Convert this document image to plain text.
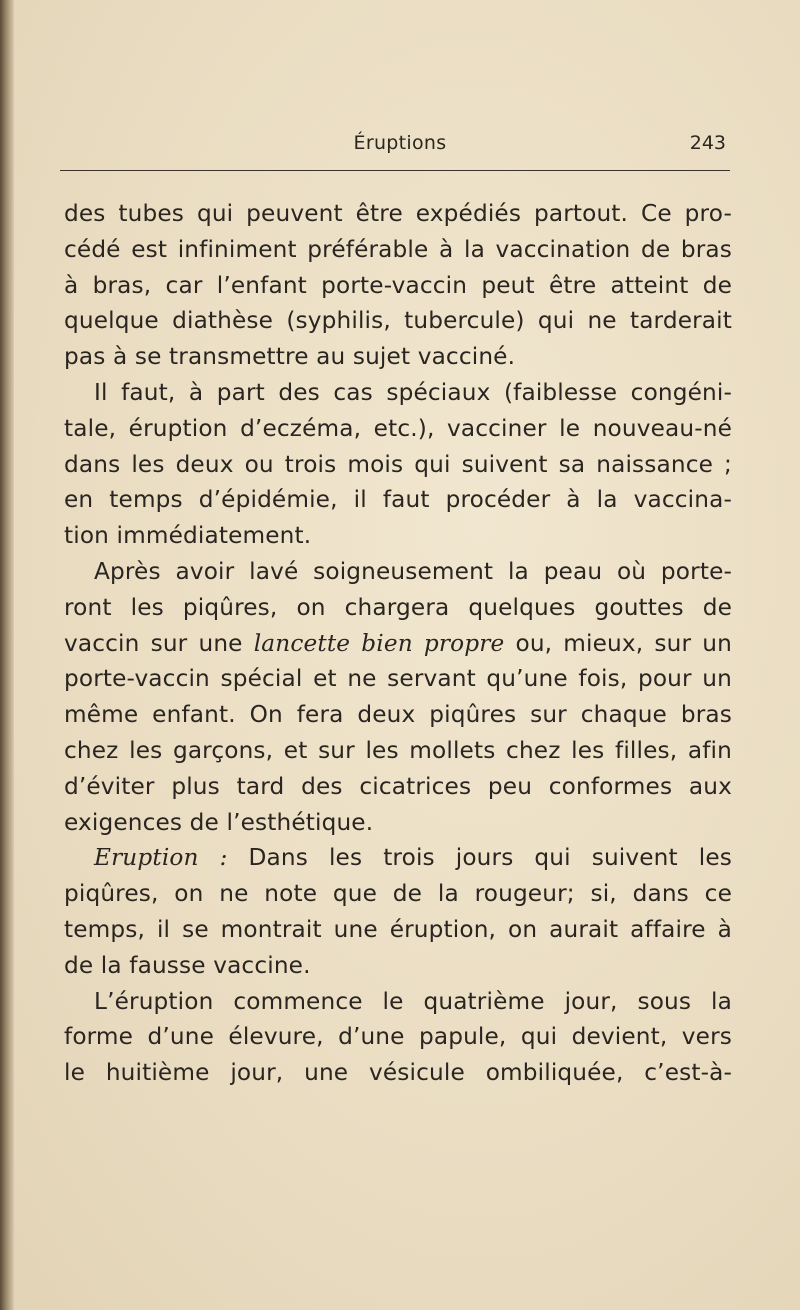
Éruptions	243
des tubes qui peuvent être expédiés partout. Ce pro-
cédé est infiniment préférable à la vaccination de bras
à bras, car l’enfant porte-vaccin peut être atteint de
quelque diathèse (syphilis, tubercule) qui ne tarderait
pas à se transmettre au sujet vacciné.
Il faut, à part des cas spéciaux (faiblesse congéni-
tale, éruption d’eczéma, etc.), vacciner le nouveau-né
dans les deux ou trois mois qui suivent sa naissance ;
en temps d’épidémie, il faut procéder à la vaccina-
tion immédiatement.
Après avoir lavé soigneusement la peau où porte-
ront les piqûres, on chargera quelques gouttes de
vaccin sur une lancette bien propre ou, mieux, sur un
porte-vaccin spécial et ne servant qu’une fois, pour un
même enfant. On fera deux piqûres sur chaque bras
chez les garçons, et sur les mollets chez les filles, afin
d’éviter plus tard des cicatrices peu conformes aux
exigences de l’esthétique.
Eruption : Dans les trois jours qui suivent les
piqûres, on ne note que de la rougeur; si, dans ce
temps, il se montrait une éruption, on aurait affaire à
de la fausse vaccine.
L’éruption commence le quatrième jour, sous la
forme d’une élevure, d’une papule, qui devient, vers
le huitième jour, une vésicule ombiliquée, c’est-à-
